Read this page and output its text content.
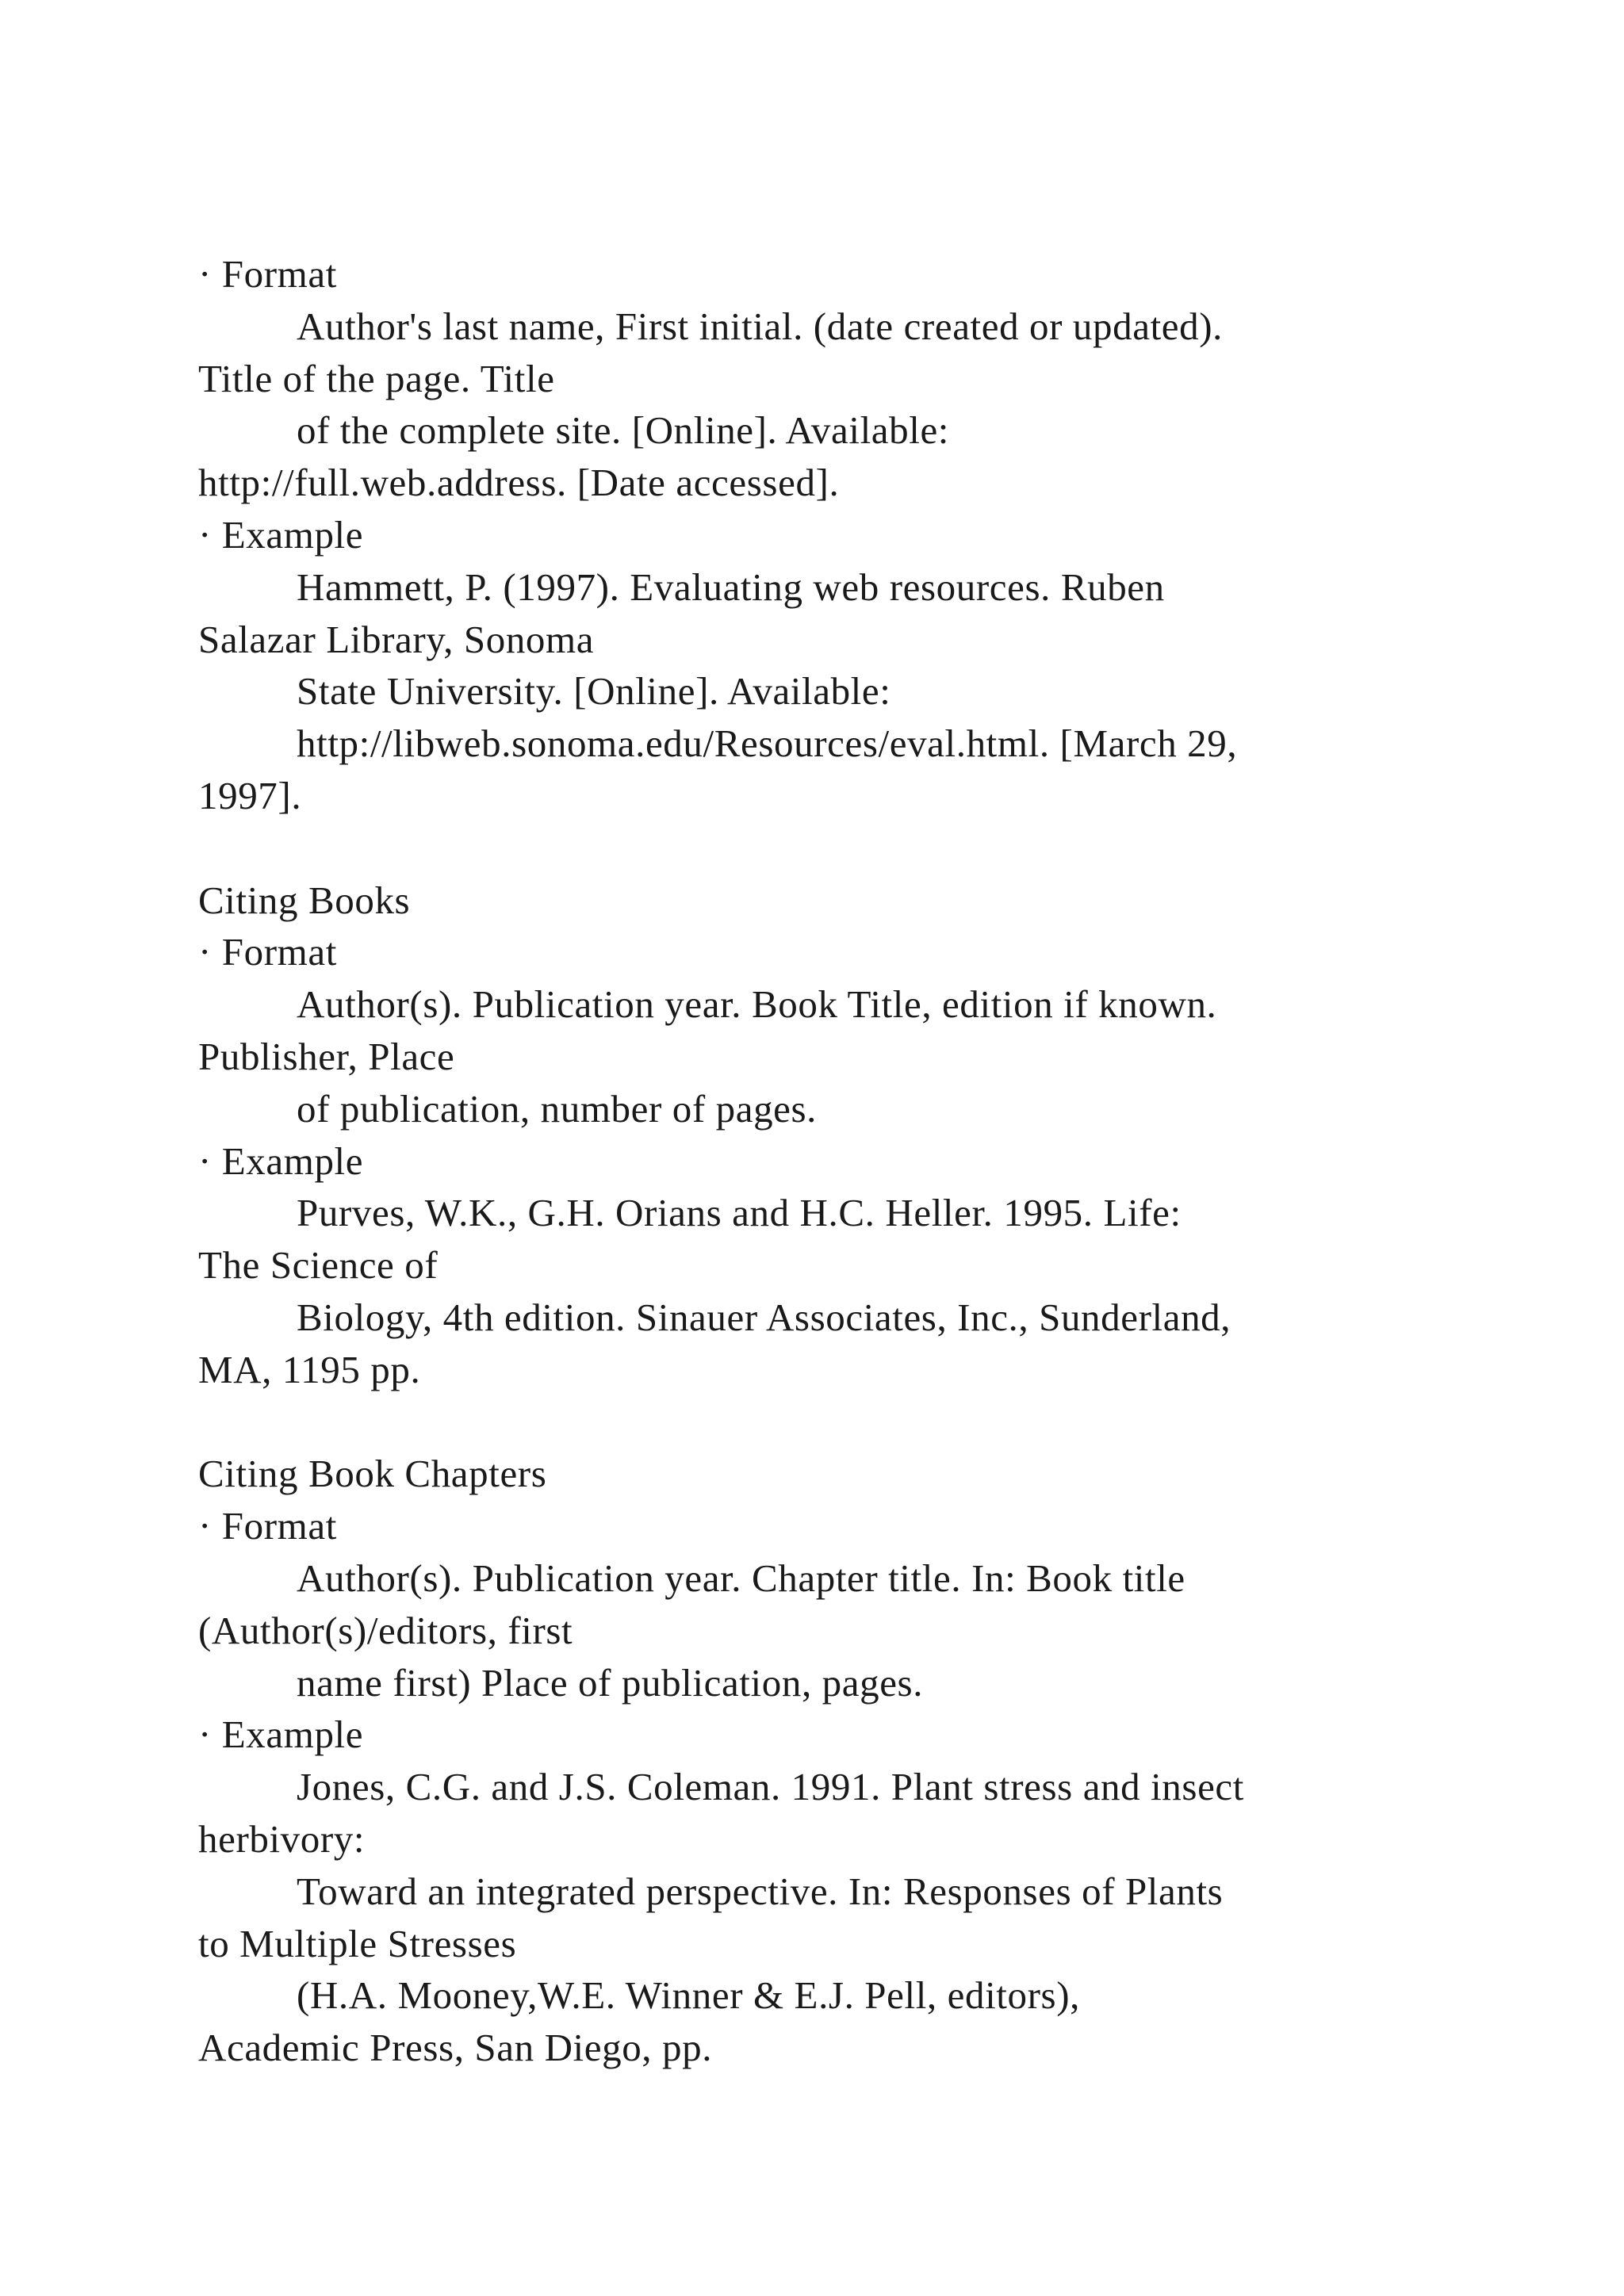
· Format
Author's last name, First initial. (date created or updated).
Title of the page. Title
of the complete site. [Online]. Available:
http://full.web.address. [Date accessed].
· Example
Hammett, P. (1997). Evaluating web resources. Ruben
Salazar Library, Sonoma
State University. [Online]. Available:
http://libweb.sonoma.edu/Resources/eval.html. [March 29,
1997].
Citing Books
· Format
Author(s). Publication year. Book Title, edition if known.
Publisher, Place
of publication, number of pages.
· Example
Purves, W.K., G.H. Orians and H.C. Heller. 1995. Life:
The Science of
Biology, 4th edition. Sinauer Associates, Inc., Sunderland,
MA, 1195 pp.
Citing Book Chapters
· Format
Author(s). Publication year. Chapter title. In: Book title
(Author(s)/editors, first
name first) Place of publication, pages.
· Example
Jones, C.G. and J.S. Coleman. 1991. Plant stress and insect
herbivory:
Toward an integrated perspective. In: Responses of Plants
to Multiple Stresses
(H.A. Mooney,W.E. Winner & E.J. Pell, editors),
Academic Press, San Diego, pp.
